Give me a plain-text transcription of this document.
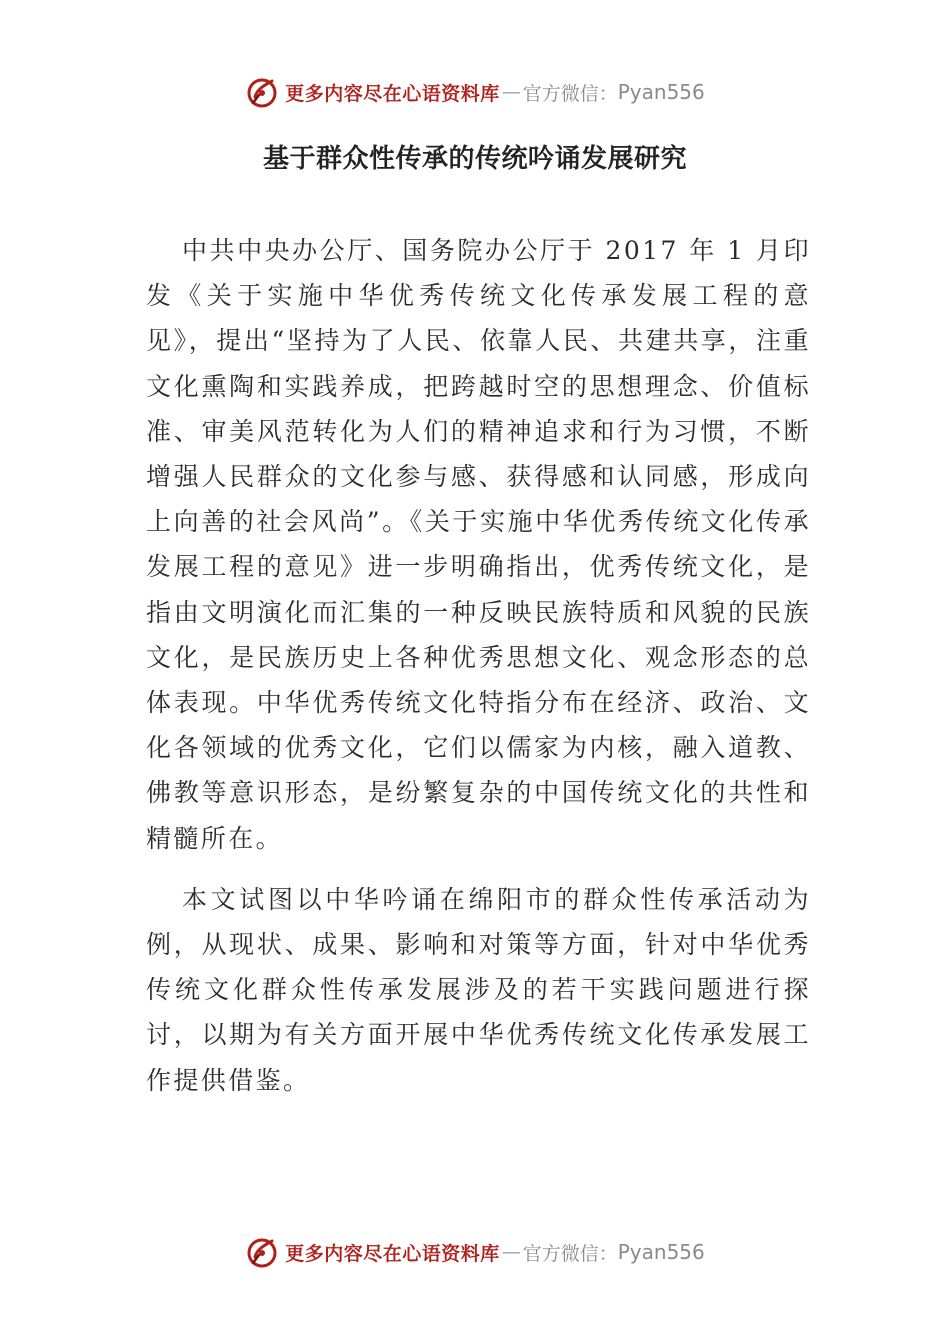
更多内容尽在心语资料库 — 官方微信： Pyan556
基于群众性传承的传统吟诵发展研究

中共中央办公厅、国务院办公厅于 2017 年 1 月印发《关于实施中华优秀传统文化传承发展工程的意见》，提出“坚持为了人民、依靠人民、共建共享，注重文化熏陶和实践养成，把跨越时空的思想理念、价值标准、审美风范转化为人们的精神追求和行为习惯，不断增强人民群众的文化参与感、获得感和认同感，形成向上向善的社会风尚”。《关于实施中华优秀传统文化传承发展工程的意见》进一步明确指出，优秀传统文化，是指由文明演化而汇集的一种反映民族特质和风貌的民族文化，是民族历史上各种优秀思想文化、观念形态的总体表现。中华优秀传统文化特指分布在经济、政治、文化各领域的优秀文化，它们以儒家为内核，融入道教、佛教等意识形态，是纷繁复杂的中国传统文化的共性和精髓所在。

本文试图以中华吟诵在绵阳市的群众性传承活动为例，从现状、成果、影响和对策等方面，针对中华优秀传统文化群众性传承发展涉及的若干实践问题进行探讨，以期为有关方面开展中华优秀传统文化传承发展工作提供借鉴。

更多内容尽在心语资料库 — 官方微信： Pyan556
